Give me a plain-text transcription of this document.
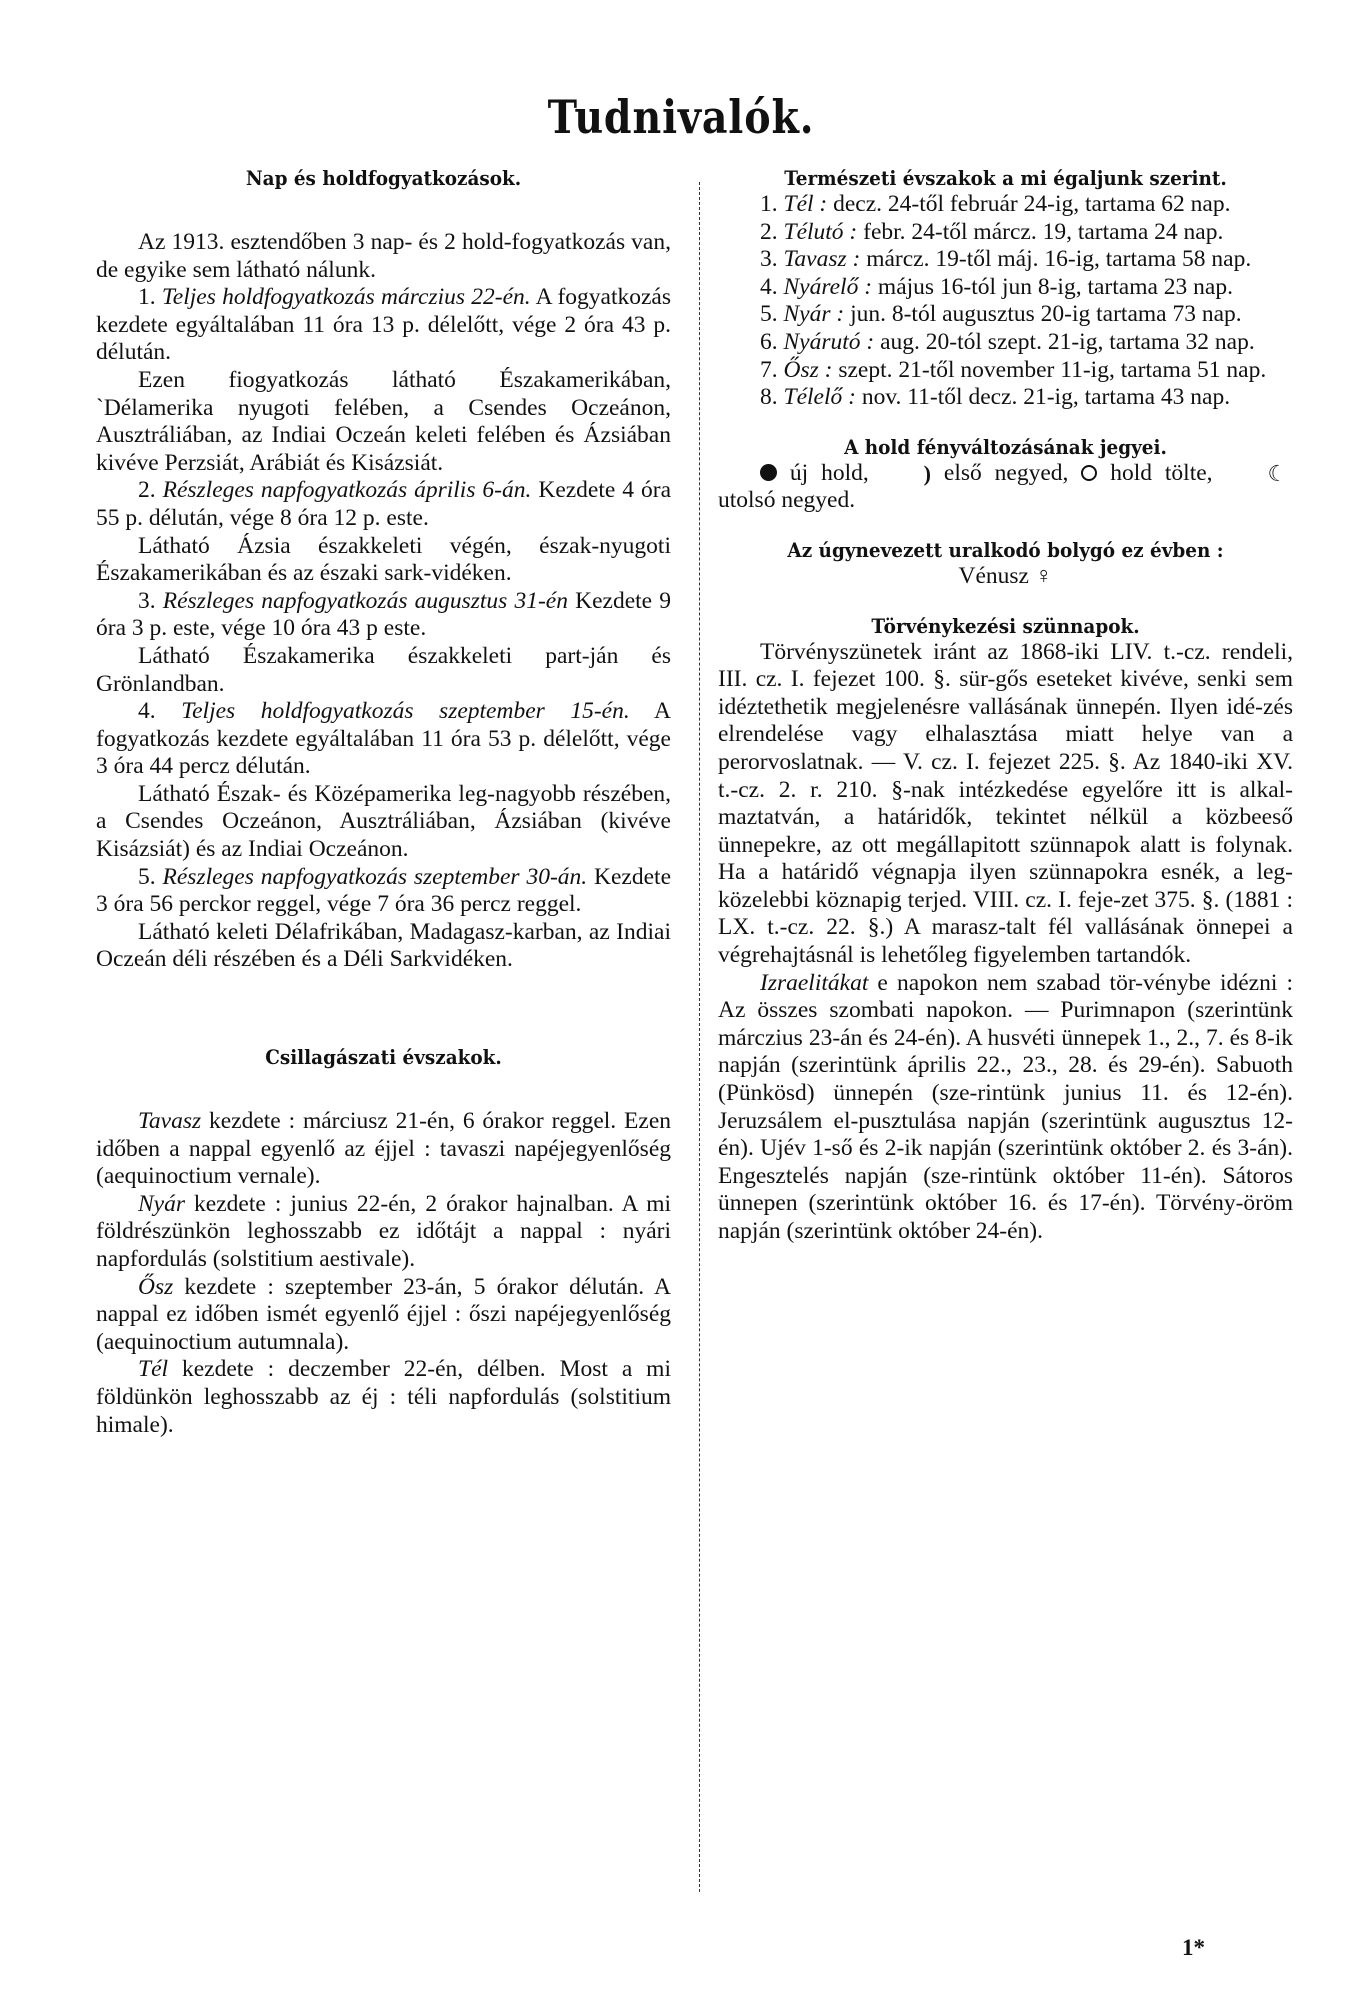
Tudnivalók.
Nap és holdfogyatkozások.

Az 1913. esztendőben 3 nap- és 2 hold-fogyatkozás van, de egyike sem látható nálunk.

1. Teljes holdfogyatkozás márczius 22-én. A fogyatkozás kezdete egyáltalában 11 óra 13 p. délelőtt, vége 2 óra 43 p. délután.

Ezen fiogyatkozás látható Északamerikában, `Délamerika nyugoti felében, a Csendes Oczeánon, Ausztráliában, az Indiai Oczeán keleti felében és Ázsiában kivéve Perzsiát, Arábiát és Kisázsiát.

2. Részleges napfogyatkozás április 6-án. Kezdete 4 óra 55 p. délután, vége 8 óra 12 p. este.

Látható Ázsia északkeleti végén, észak-nyugoti Északamerikában és az északi sark-vidéken.

3. Részleges napfogyatkozás augusztus 31-én Kezdete 9 óra 3 p. este, vége 10 óra 43 p este.

Látható Északamerika északkeleti part-ján és Grönlandban.

4. Teljes holdfogyatkozás szeptember 15-én. A fogyatkozás kezdete egyáltalában 11 óra 53 p. délelőtt, vége 3 óra 44 percz délután.

Látható Észak- és Középamerika leg-nagyobb részében, a Csendes Oczeánon, Ausztráliában, Ázsiában (kivéve Kisázsiát) és az Indiai Oczeánon.

5. Részleges napfogyatkozás szeptember 30-án. Kezdete 3 óra 56 perckor reggel, vége 7 óra 36 percz reggel.

Látható keleti Délafrikában, Madagasz-karban, az Indiai Oczeán déli részében és a Déli Sarkvidéken.

Csillagászati évszakok.

Tavasz kezdete : márciusz 21-én, 6 órakor reggel. Ezen időben a nappal egyenlő az éjjel : tavaszi napéjegyenlőség (aequinoctium vernale).

Nyár kezdete : junius 22-én, 2 órakor hajnalban. A mi földrészünkön leghosszabb ez időtájt a nappal : nyári napfordulás (solstitium aestivale).

Ősz kezdete : szeptember 23-án, 5 órakor délután. A nappal ez időben ismét egyenlő éjjel : őszi napéjegyenlőség (aequinoctium autumnala).

Tél kezdete : deczember 22-én, délben. Most a mi földünkön leghosszabb az éj : téli napfordulás (solstitium himale).

Természeti évszakok a mi égaljunk szerint.

1. Tél : decz. 24-től február 24-ig, tartama 62 nap.

2. Télutó : febr. 24-től márcz. 19, tartama 24 nap.

3. Tavasz : márcz. 19-től máj. 16-ig, tartama 58 nap.

4. Nyárelő : május 16-tól jun 8-ig, tartama 23 nap.

5. Nyár : jun. 8-tól augusztus 20-ig tartama 73 nap.

6. Nyárutó : aug. 20-tól szept. 21-ig, tartama 32 nap.

7. Ősz : szept. 21-től november 11-ig, tartama 51 nap.

8. Télelő : nov. 11-től decz. 21-ig, tartama 43 nap.

A hold fényváltozásának jegyei.

új hold, ) első negyed, hold tölte, ☾  utolsó negyed.

Az úgynevezett uralkodó bolygó ez évben :

Vénusz ♀

Törvénykezési szünnapok.

Törvényszünetek iránt az 1868-iki LIV. t.-cz. rendeli, III. cz. I. fejezet 100. §. sür-gős eseteket kivéve, senki sem idéztethetik megjelenésre vallásának ünnepén. Ilyen idé-zés elrendelése vagy elhalasztása miatt helye van a perorvoslatnak. — V. cz. I. fejezet 225. §. Az 1840-iki XV. t.-cz. 2. r. 210. §-nak intézkedése egyelőre itt is alkal-maztatván, a határidők, tekintet nélkül a közbeeső ünnepekre, az ott megállapitott szünnapok alatt is folynak. Ha a határidő végnapja ilyen szünnapokra esnék, a leg-közelebbi köznapig terjed. VIII. cz. I. feje-zet 375. §. (1881 : LX. t.-cz. 22. §.) A marasz-talt fél vallásának önnepei a végrehajtásnál is lehetőleg figyelemben tartandók.

Izraelitákat e napokon nem szabad tör-vénybe idézni : Az összes szombati napokon. — Purimnapon (szerintünk márczius 23-án és 24-én). A husvéti ünnepek 1., 2., 7. és 8-ik napján (szerintünk április 22., 23., 28. és 29-én). Sabuoth (Pünkösd) ünnepén (sze-rintünk junius 11. és 12-én). Jeruzsálem el-pusztulása napján (szerintünk augusztus 12-én). Ujév 1-ső és 2-ik napján (szerintünk október 2. és 3-án). Engesztelés napján (sze-rintünk október 11-én). Sátoros ünnepen (szerintünk október 16. és 17-én). Törvény-öröm napján (szerintünk október 24-én).

1*
